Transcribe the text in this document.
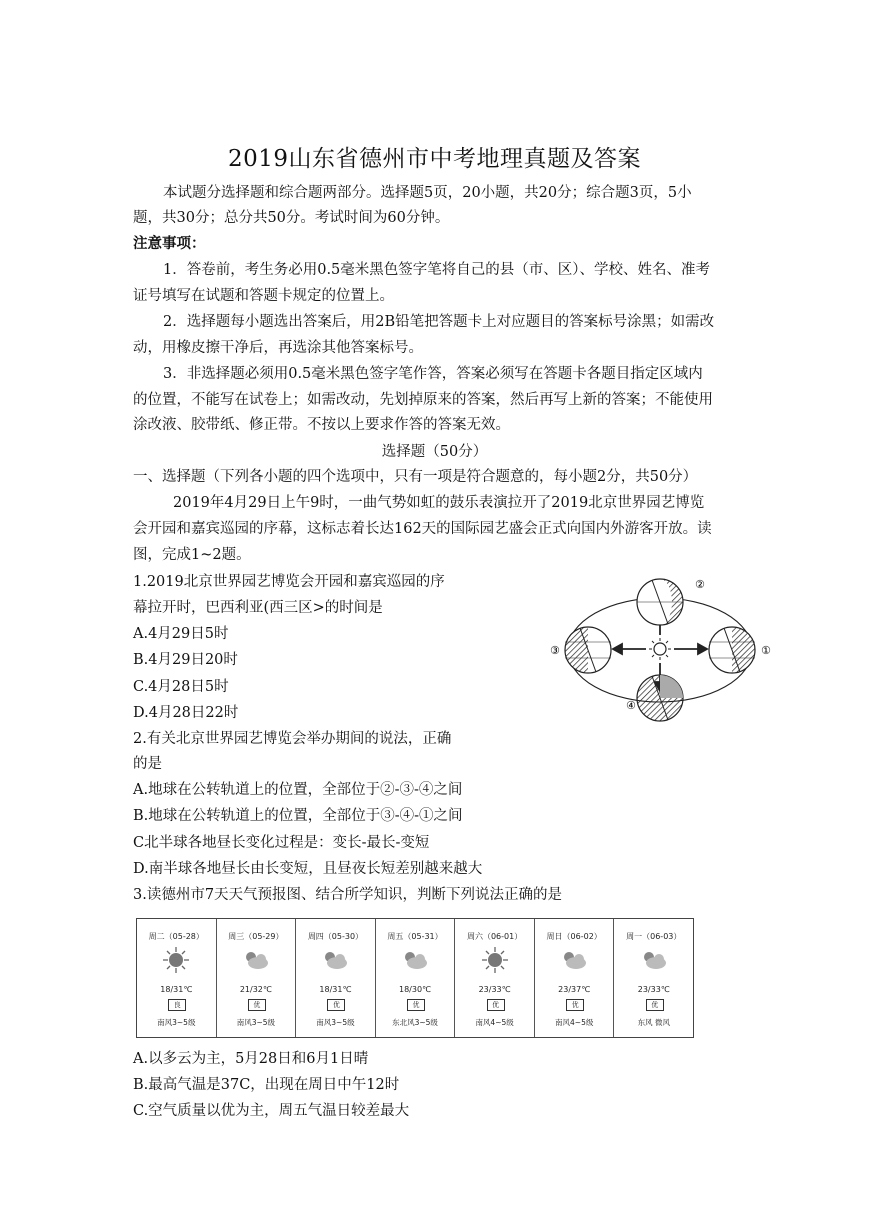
2019山东省德州市中考地理真题及答案
本试题分选择题和综合题两部分。选择题5页，20小题，共20分；综合题3页，5小
题，共30分；总分共50分。考试时间为60分钟。
注意事项：
1．答卷前，考生务必用0.5毫米黑色签字笔将自己的县（市、区）、学校、姓名、准考
证号填写在试题和答题卡规定的位置上。
2．选择题每小题选出答案后，用2B铅笔把答题卡上对应题目的答案标号涂黑；如需改
动，用橡皮擦干净后，再选涂其他答案标号。
3．非选择题必须用0.5毫米黑色签字笔作答，答案必须写在答题卡各题目指定区域内
的位置，不能写在试卷上；如需改动，先划掉原来的答案，然后再写上新的答案；不能使用
涂改液、胶带纸、修正带。不按以上要求作答的答案无效。
选择题（50分）
一、选择题（下列各小题的四个选项中，只有一项是符合题意的，每小题2分，共50分）
2019年4月29日上午9时，一曲气势如虹的鼓乐表演拉开了2019北京世界园艺博览
会开园和嘉宾巡园的序幕，这标志着长达162天的国际园艺盛会正式向国内外游客开放。读
图，完成1~2题。
1.2019北京世界园艺博览会开园和嘉宾巡园的序
幕拉开时，巴西利亚(西三区>的时间是
A.4月29日5时
B.4月29日20时
C.4月28日5时
D.4月28日22时
2.有关北京世界园艺博览会举办期间的说法，正确
的是
A.地球在公转轨道上的位置，全部位于②-③-④之间
B.地球在公转轨道上的位置，全部位于③-④-①之间
C北半球各地昼长变化过程是：变长-最长-变短
D.南半球各地昼长由长变短，且昼夜长短差别越来越大
②
③	①
④
3.读德州市7天天气预报图、结合所学知识，判断下列说法正确的是
周二（05-28）
18/31℃
良
南风3~5级
周三（05-29）
21/32℃
优
南风3~5级
周四（05-30）
18/31℃
优
南风3~5级
周五（05-31）
18/30℃
优
东北风3~5级
周六（06-01）
23/33℃
优
南风4~5级
周日（06-02）
23/37℃
优
南风4~5级
周一（06-03）
23/33℃
优
东风 微风
A.以多云为主，5月28日和6月1日晴
B.最高气温是37C，出现在周日中午12时
C.空气质量以优为主，周五气温日较差最大
